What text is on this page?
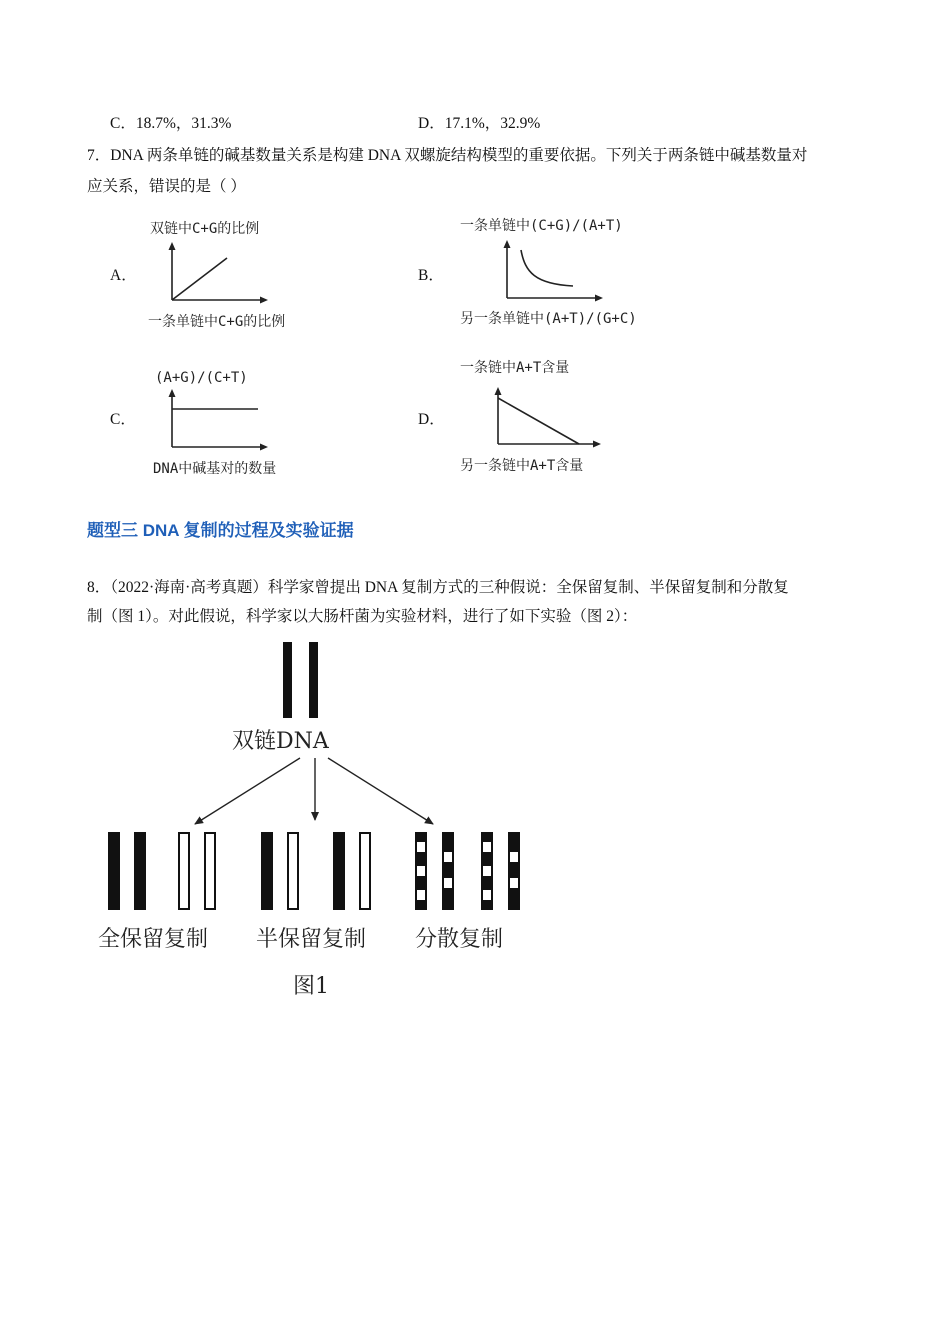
C．18.7%，31.3%	D．17.1%，32.9%
7．DNA 两条单链的碱基数量关系是构建 DNA 双螺旋结构模型的重要依据。下列关于两条链中碱基数量对
应关系，错误的是（ ）
A．
双链中C+G的比例
一条单链中C+G的比例
B．
一条单链中(C+G)/(A+T)
另一条单链中(A+T)/(G+C)
C．
(A+G)/(C+T)
DNA中碱基对的数量
D．
一条链中A+T含量
另一条链中A+T含量
题型三 DNA 复制的过程及实验证据
8．（2022·海南·高考真题）科学家曾提出 DNA 复制方式的三种假说：全保留复制、半保留复制和分散复
制（图 1）。对此假说，科学家以大肠杆菌为实验材料，进行了如下实验（图 2）：
双链DNA
全保留复制 半保留复制 分散复制
图1
